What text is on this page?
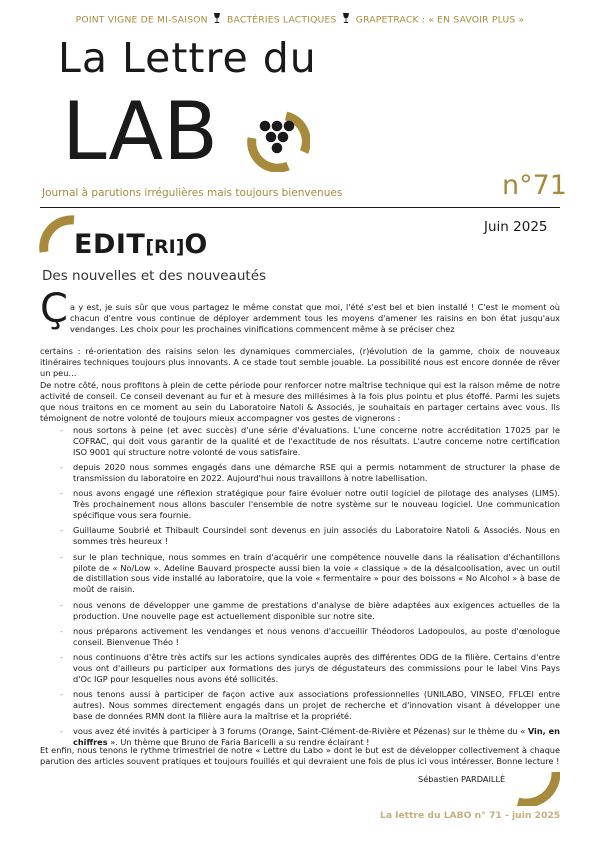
POINT VIGNE DE MI-SAISON BACTÉRIES LACTIQUES GRAPETRACK : « EN SAVOIR PLUS »
La Lettre du
LAB
Journal à parutions irrégulières mais toujours bienvenues	n°71
Juin 2025
EDIT[RI]O
Des nouvelles et des nouveautés
Ç a y est, je suis sûr que vous partagez le même constat que moi, l'été s'est bel et bien installé ! C'est le moment où chacun d'entre vous continue de déployer ardemment tous les moyens d'amener les raisins en bon état jusqu'aux vendanges. Les choix pour les prochaines vinifications commencent même à se préciser chez
certains : ré-orientation des raisins selon les dynamiques commerciales, (r)évolution de la gamme, choix de nouveaux itinéraires techniques toujours plus innovants. A ce stade tout semble jouable. La possibilité nous est encore donnée de rêver un peu…
De notre côté, nous profitons à plein de cette période pour renforcer notre maîtrise technique qui est la raison même de notre activité de conseil. Ce conseil devenant au fur et à mesure des millésimes à la fois plus pointu et plus étoffé. Parmi les sujets que nous traitons en ce moment au sein du Laboratoire Natoli & Associés, je souhaitais en partager certains avec vous. Ils témoignent de notre volonté de toujours mieux accompagner vos gestes de vignerons :
- nous sortons à peine (et avec succès) d'une série d'évaluations. L'une concerne notre accréditation 17025 par le COFRAC, qui doit vous garantir de la qualité et de l'exactitude de nos résultats. L'autre concerne notre certification ISO 9001 qui structure notre volonté de vous satisfaire.
- depuis 2020 nous sommes engagés dans une démarche RSE qui a permis notamment de structurer la phase de transmission du laboratoire en 2022. Aujourd'hui nous travaillons à notre labellisation.
- nous avons engagé une réflexion stratégique pour faire évoluer notre outil logiciel de pilotage des analyses (LIMS). Très prochainement nous allons basculer l'ensemble de notre système sur le nouveau logiciel. Une communication spécifique vous sera fournie.
- Guillaume Soubrié et Thibault Coursindel sont devenus en juin associés du Laboratoire Natoli & Associés. Nous en sommes très heureux !
- sur le plan technique, nous sommes en train d'acquérir une compétence nouvelle dans la réalisation d'échantillons pilote de « No/Low ». Adeline Bauvard prospecte aussi bien la voie « classique » de la désalcoolisation, avec un outil de distillation sous vide installé au laboratoire, que la voie « fermentaire » pour des boissons « No Alcohol » à base de moût de raisin.
- nous venons de développer une gamme de prestations d'analyse de bière adaptées aux exigences actuelles de la production. Une nouvelle page est actuellement disponible sur notre site.
- nous préparons activement les vendanges et nous venons d'accueillir Théodoros Ladopoulos, au poste d'œnologue conseil. Bienvenue Théo !
- nous continuons d'être très actifs sur les actions syndicales auprès des différentes ODG de la filière. Certains d'entre vous ont d'ailleurs pu participer aux formations des jurys de dégustateurs des commissions pour le label Vins Pays d'Oc IGP pour lesquelles nous avons été sollicités.
- nous tenons aussi à participer de façon active aux associations professionnelles (UNILABO, VINSEO, FFLŒI entre autres). Nous sommes directement engagés dans un projet de recherche et d'innovation visant à développer une base de données RMN dont la filière aura la maîtrise et la propriété.
- vous avez été invités à participer à 3 forums (Orange, Saint-Clément-de-Rivière et Pézenas) sur le thème du « Vin, en chiffres ». Un thème que Bruno de Faria Baricelli a su rendre éclairant !
Et enfin, nous tenons le rythme trimestriel de notre « Lettre du Labo » dont le but est de développer collectivement à chaque parution des articles souvent pratiques et toujours fouillés et qui devraient une fois de plus ici vous intéresser. Bonne lecture !
Sébastien PARDAILLÉ
La lettre du LABO n° 71 - juin 2025
